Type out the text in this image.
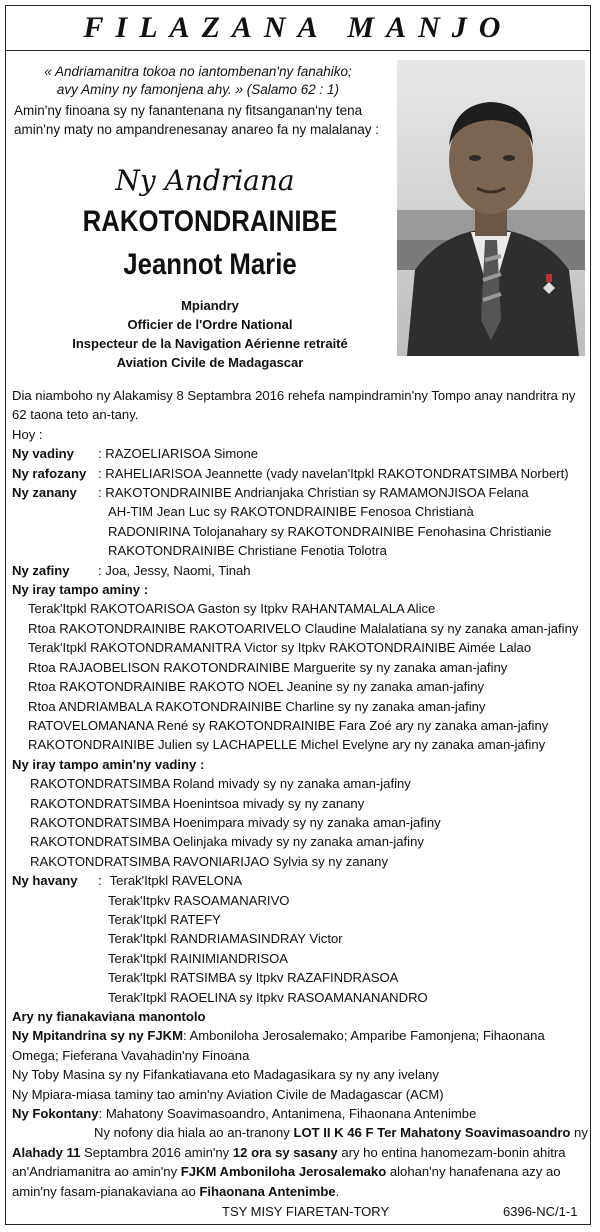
FILAZANA MANJO
« Andriamanitra tokoa no iantombenan'ny fanahiko;
avy Aminy ny famonjena ahy. » (Salamo 62 : 1)
Amin'ny finoana sy ny fanantenana ny fitsanganan'ny tena amin'ny maty no ampandrenesanay anareo fa ny malalanay :
Ny Andriana
RAKOTONDRAINIBE
Jeannot Marie
Mpiandry
Officier de l'Ordre National
Inspecteur de la Navigation Aérienne retraité
Aviation Civile de Madagascar
Dia niamboho ny Alakamisy 8 Septambra 2016 rehefa nampindramin'ny Tompo anay nandritra ny 62 taona teto an-tany.
Hoy :
Ny vadiny : RAZOELIARISOA Simone
Ny rafozany : RAHELIARISOA Jeannette (vady navelan'Itpkl RAKOTONDRATSIMBA Norbert)
Ny zanany : RAKOTONDRAINIBE Andrianjaka Christian sy RAMAMONJISOA Felana
AH-TIM Jean Luc sy RAKOTONDRAINIBE Fenosoa Christianà
RADONIRINA Tolojanahary sy RAKOTONDRAINIBE Fenohasina Christianie
RAKOTONDRAINIBE Christiane Fenotia Tolotra
Ny zafiny : Joa, Jessy, Naomi, Tinah
Ny iray tampo aminy :
Terak'Itpkl RAKOTOARISOA Gaston sy Itpkv RAHANTAMALALA Alice
Rtoa RAKOTONDRAINIBE RAKOTOARIVELO Claudine Malalatiana sy ny zanaka aman-jafiny
Terak'Itpkl RAKOTONDRAMANITRA Victor sy Itpkv RAKOTONDRAINIBE Aimée Lalao
Rtoa RAJAOBELISON RAKOTONDRAINIBE Marguerite sy ny zanaka aman-jafiny
Rtoa RAKOTONDRAINIBE RAKOTO NOEL Jeanine sy ny zanaka aman-jafiny
Rtoa ANDRIAMBALA RAKOTONDRAINIBE Charline sy ny zanaka aman-jafiny
RATOVELOMANANA René sy RAKOTONDRAINIBE Fara Zoé ary ny zanaka aman-jafiny
RAKOTONDRAINIBE Julien sy LACHAPELLE Michel Evelyne ary ny zanaka aman-jafiny
Ny iray tampo amin'ny vadiny :
RAKOTONDRATSIMBA Roland mivady sy ny zanaka aman-jafiny
RAKOTONDRATSIMBA Hoenintsoa mivady sy ny zanany
RAKOTONDRATSIMBA Hoenimpara mivady sy ny zanaka aman-jafiny
RAKOTONDRATSIMBA Oelinjaka mivady sy ny zanaka aman-jafiny
RAKOTONDRATSIMBA RAVONIARIJAO Sylvia sy ny zanany
Ny havany : Terak'Itpkl RAVELONA
Terak'Itpkv RASOAMANARIVO
Terak'Itpkl RATEFY
Terak'Itpkl RANDRIAMASINDRAY Victor
Terak'Itpkl RAINIMIANDRISOA
Terak'Itpkl RATSIMBA sy Itpkv RAZAFINDRASOA
Terak'Itpkl RAOELINA sy Itpkv RASOAMANANANDRO
Ary ny fianakaviana manontolo
Ny Mpitandrina sy ny FJKM: Amboniloha Jerosalemako; Amparibe Famonjena; Fihaonana Omega; Fieferana Vavahadin'ny Finoana
Ny Toby Masina sy ny Fifankatiavana eto Madagasikara sy ny any ivelany
Ny Mpiara-miasa taminy tao amin'ny Aviation Civile de Madagascar (ACM)
Ny Fokontany: Mahatony Soavimasoandro, Antanimena, Fihaonana Antenimbe
Ny nofony dia hiala ao an-tranony LOT II K 46 F Ter Mahatony Soavimasoandro ny Alahady 11 Septambra 2016 amin'ny 12 ora sy sasany ary ho entina hanomezam-bonin ahitra an'Andriamanitra ao amin'ny FJKM Amboniloha Jerosalemako alohan'ny hanafenana azy ao amin'ny fasam-pianakaviana ao Fihaonana Antenimbe.
TSY MISY FIARETAN-TORY	6396-NC/1-1
